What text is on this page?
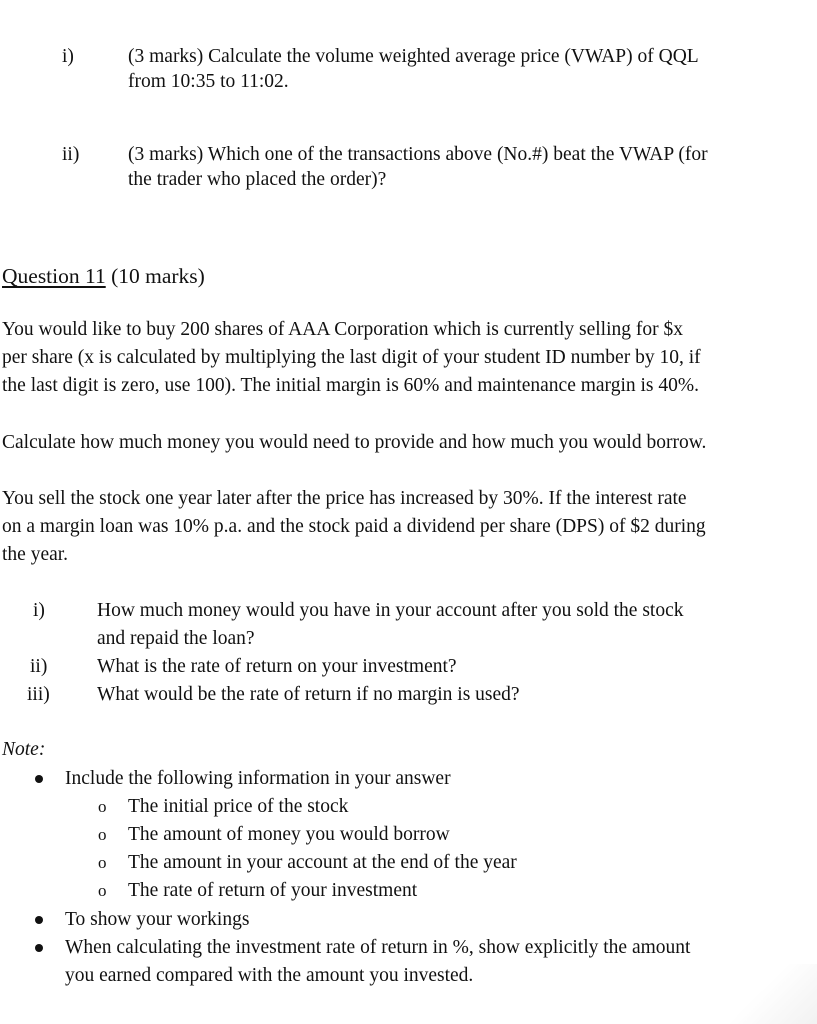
i)	(3 marks) Calculate the volume weighted average price (VWAP) of QQL
from 10:35 to 11:02.
ii) (3 marks) Which one of the transactions above (No.#) beat the VWAP (for
the trader who placed the order)?
Question 11 (10 marks)
You would like to buy 200 shares of AAA Corporation which is currently selling for $x
per share (x is calculated by multiplying the last digit of your student ID number by 10, if
the last digit is zero, use 100). The initial margin is 60% and maintenance margin is 40%.
Calculate how much money you would need to provide and how much you would borrow.
You sell the stock one year later after the price has increased by 30%. If the interest rate
on a margin loan was 10% p.a. and the stock paid a dividend per share (DPS) of $2 during
the year.
i)	How much money would you have in your account after you sold the stock
and repaid the loan?
ii)	What is the rate of return on your investment?
iii) What would be the rate of return if no margin is used?
Note:
Include the following information in your answer
o The initial price of the stock
o The amount of money you would borrow
o The amount in your account at the end of the year
o The rate of return of your investment
To show your workings
When calculating the investment rate of return in %, show explicitly the amount
you earned compared with the amount you invested.
